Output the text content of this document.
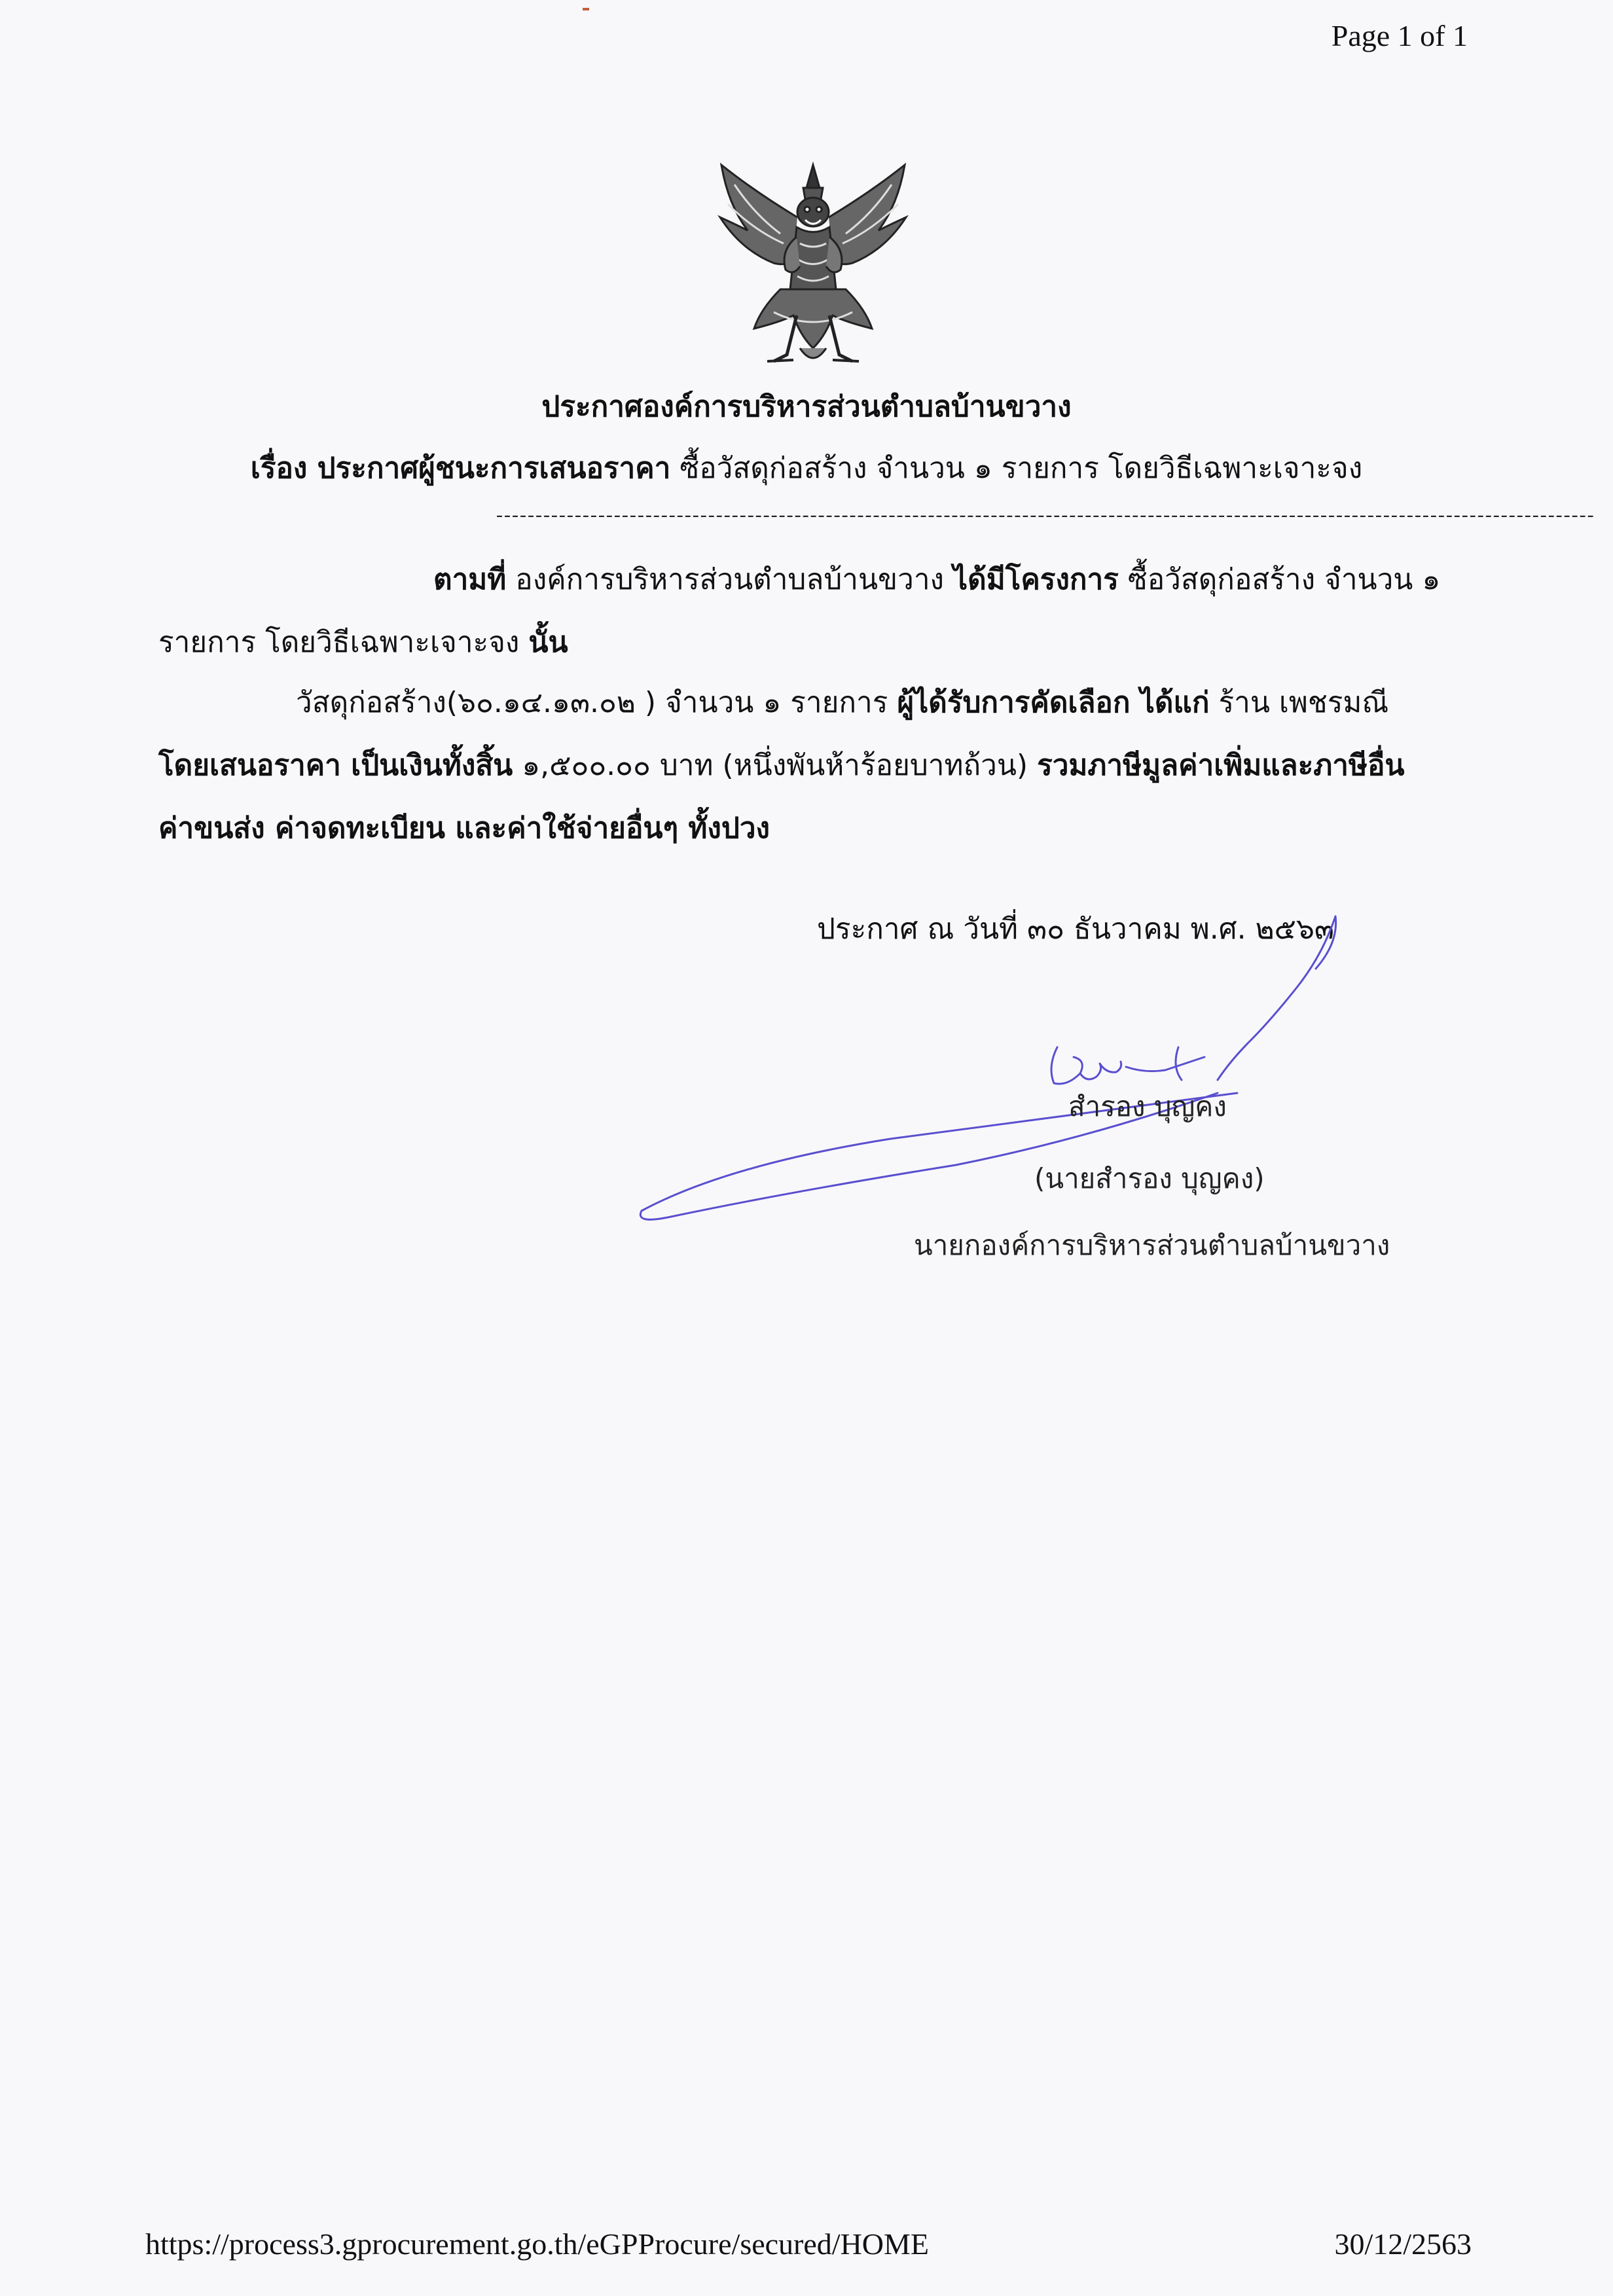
Page 1 of 1
ประกาศองค์การบริหารส่วนตำบลบ้านขวาง
เรื่อง ประกาศผู้ชนะการเสนอราคา ซื้อวัสดุก่อสร้าง จำนวน ๑ รายการ โดยวิธีเฉพาะเจาะจง
--------------------------------------------------------------------------------------------------------------------------------------------
ตามที่ องค์การบริหารส่วนตำบลบ้านขวาง ได้มีโครงการ ซื้อวัสดุก่อสร้าง จำนวน ๑ รายการ โดยวิธีเฉพาะเจาะจง นั้น
วัสดุก่อสร้าง(๖๐.๑๔.๑๓.๐๒ ) จำนวน ๑ รายการ ผู้ได้รับการคัดเลือก ได้แก่ ร้าน เพชรมณี โดยเสนอราคา เป็นเงินทั้งสิ้น ๑,๕๐๐.๐๐ บาท (หนึ่งพันห้าร้อยบาทถ้วน) รวมภาษีมูลค่าเพิ่มและภาษีอื่น ค่าขนส่ง ค่าจดทะเบียน และค่าใช้จ่ายอื่นๆ ทั้งปวง
ประกาศ ณ วันที่ ๓๐ ธันวาคม พ.ศ. ๒๕๖๓
สำรอง บุญคง
(นายสำรอง บุญคง)
นายกองค์การบริหารส่วนตำบลบ้านขวาง
https://process3.gprocurement.go.th/eGPProcure/secured/HOME	30/12/2563
